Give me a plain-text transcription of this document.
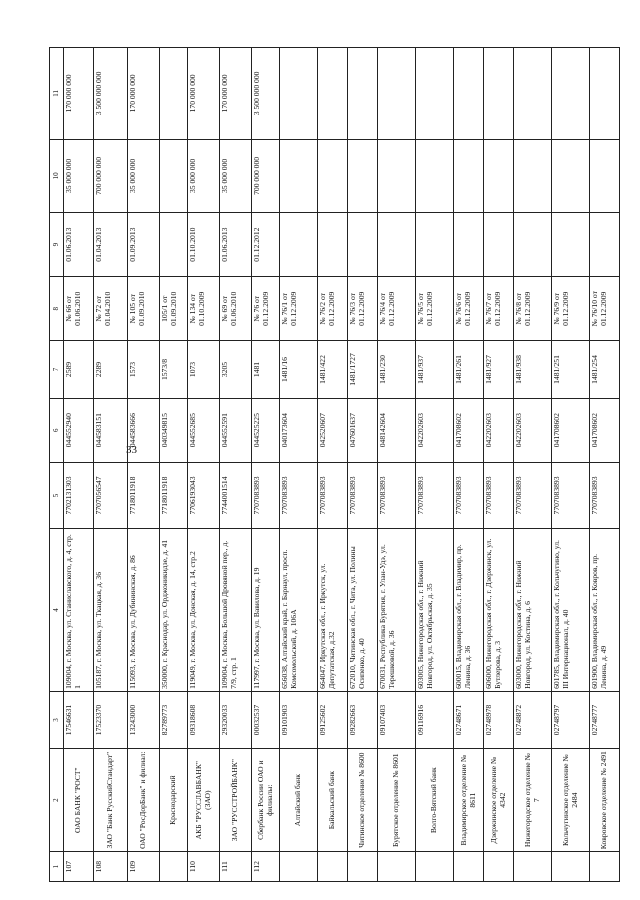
33
1	2	3	4	5	6	7	8	9	10	11
107	ОАО БАНК "РОСТ"	17546631	109004, г. Москва, ул. Станиславского, д. 4, стр. 1	7702131303	044552940	2589	№ 66 от 01.06.2010	01.06.2013	35 000 000	170 000 000
108	ЗАО "Банк РусскийСтандарт"	17523370	105187, г. Москва, ул. Ткацкая, д. 36	7707056547	044583151	2289	№ 72 от 01.04.2010	01.04.2013	700 000 000	3 500 000 000
109	ОАО "РосДорБанк" и филиал:	13243000	115093, г. Москва, ул. Дубининская, д. 86	7718011918	044583666	1573	№ 105 от 01.09.2010	01.09.2013	35 000 000	170 000 000
	Краснодарский	82789773	350000, г. Краснодар, ул. Орджоникидзе, д. 41	7718011918	040349815	1573/8	105/1 от 01.09.2010			
110	АКБ "РУССЛАВБАНК" (ЗАО)	09318608	119049, г. Москва, ул. Донская, д. 14, стр.2	7706193043	044552685	1073	№ 134 от 01.10.2009	01.10.2010	35 000 000	170 000 000
111	ЗАО "РУССТРОЙБАНК"	29320033	109004, г. Москва, Большой Дровяной пер., д. 7/9, стр. 1	7744001514	044552591	3205	№ 69 от 01.06.2010	01.06.2013	35 000 000	170 000 000
112	Сбербанк России ОАО и филиалы:	00032537	117997, г. Москва, ул. Вавилова, д. 19	7707083893	044525225	1481	№ 76 от 01.12.2009	01.12.2012	700 000 000	3 500 000 000
	Алтайский банк	09101903	656038, Алтайский край, г. Барнаул, просп. Комсомольский, д. 106А	7707083893	040173604	1481/16	№ 76/1 от 01.12.2009			
	Байкальский банк	09125602	664047, Иркутская обл., г. Иркутск, ул. Депутатская, д.32	7707083893	042520607	1481/422	№ 76/2 от 01.12.2009			
	Читинское отделение № 8600	09282663	672010, Читинская обл., г. Чита, ул. Полины Осипенко, д. 40	7707083893	047601637	1481/1727	№ 76/3 от 01.12.2009			
	Бурятское отделение № 8601	09107403	670031, Республика Бурятия, г. Улан-Удэ, ул. Терешковой, д. 36	7707083893	048142604	1481/230	№ 76/4 от 01.12.2009			
	Волго-Вятский банк	09116916	603005, Нижегородская обл., г. Нижний Новгород, ул. Октябрьская, д. 35	7707083893	042202603	1481/937	№ 76/5 от 01.12.2009			
	Владимирское отделение № 8611	02748671	600015, Владимирская обл., г. Владимир, пр. Ленина, д. 36	7707083893	041708602	1481/261	№ 76/6 от 01.12.2009			
	Дзержинское отделение № 4342	02748978	606000, Нижегородская обл., г. Дзержинск, ул. Бутлерова, д. 3	7707083893	042202603	1481/927	№ 76/7 от 01.12.2009			
	Нижегородское отделение № 7	02748872	603000, Нижегородская обл., г. Нижний Новгород, ул. Костина, д. 6	7707083893	042202603	1481/938	№ 76/8 от 01.12.2009			
	Кольчугинское отделение № 2484	02748797	601785, Владимирская обл., г. Кольчугино, ул. III Интернационал, д. 40	7707083893	041708602	1481/251	№ 76/9 от 01.12.2009			
	Ковровское отделение № 2491	02748777	601900, Владимирская обл., г. Ковров, пр. Ленина, д. 49	7707083893	041708602	1481/254	№ 76/10 от 01.12.2009			
